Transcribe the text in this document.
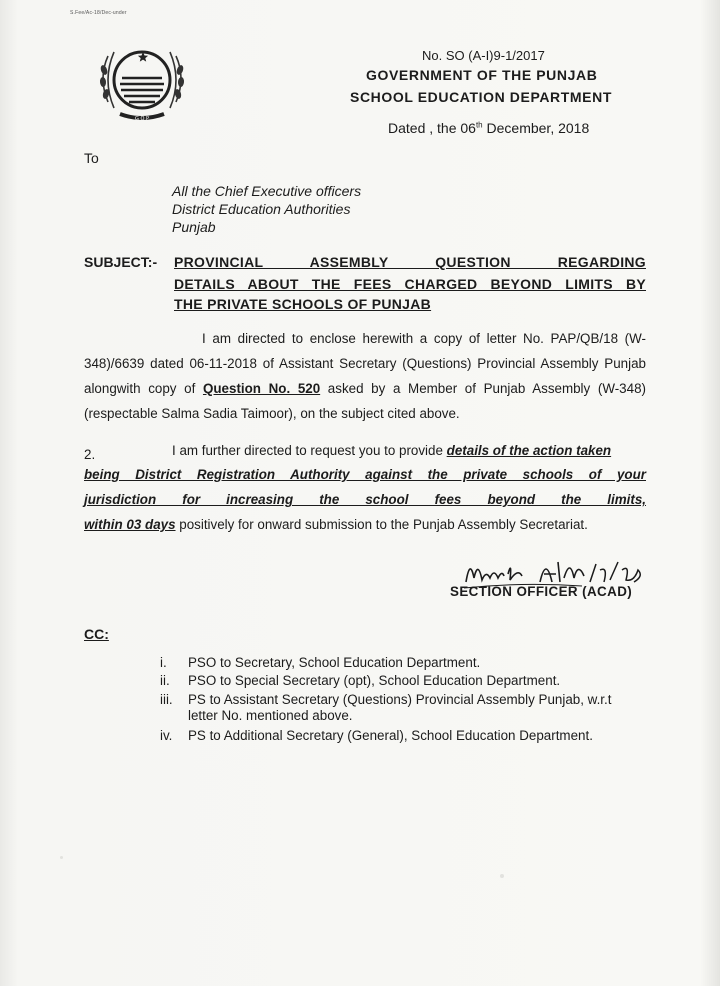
S.Fee/Ac-18/Dec-under
G O P
No. SO (A-I)9-1/2017
GOVERNMENT OF THE PUNJAB
SCHOOL EDUCATION DEPARTMENT
Dated , the 06th December, 2018
To
All the Chief Executive officers
District Education Authorities
Punjab
SUBJECT:- PROVINCIAL ASSEMBLY QUESTION REGARDING
DETAILS ABOUT THE FEES CHARGED BEYOND LIMITS BY
THE PRIVATE SCHOOLS OF PUNJAB
I am directed to enclose herewith a copy of letter No. PAP/QB/18 (W-348)/6639 dated 06-11-2018 of Assistant Secretary (Questions) Provincial Assembly Punjab alongwith copy of Question No. 520 asked by a Member of Punjab Assembly (W-348) (respectable Salma Sadia Taimoor), on the subject cited above.
2.	I am further directed to request you to provide details of the action taken
being District Registration Authority against the private schools of your
jurisdiction for increasing the school fees beyond the limits,
within 03 days positively for onward submission to the Punjab Assembly Secretariat.
SECTION OFFICER (ACAD)
CC:
i. PSO to Secretary, School Education Department.
ii. PSO to Special Secretary (opt), School Education Department.
iii. PS to Assistant Secretary (Questions) Provincial Assembly Punjab, w.r.t
letter No. mentioned above.
iv. PS to Additional Secretary (General), School Education Department.
